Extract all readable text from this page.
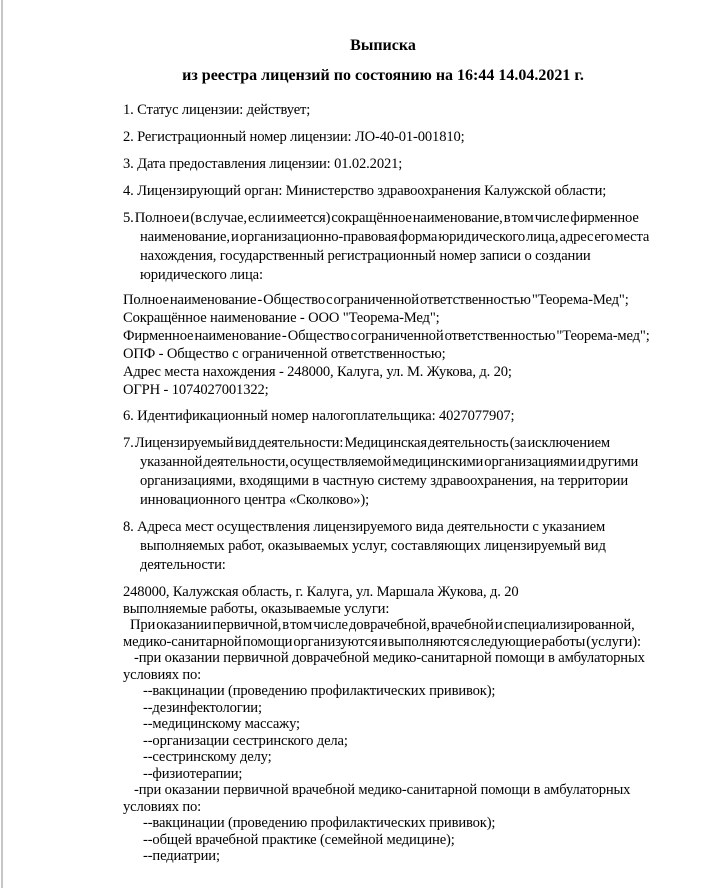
Выписка
из реестра лицензий по состоянию на 16:44 14.04.2021 г.
1. Статус лицензии: действует;
2. Регистрационный номер лицензии: ЛО-40-01-001810;
3. Дата предоставления лицензии: 01.02.2021;
4. Лицензирующий орган: Министерство здравоохранения Калужской области;
5. Полное и (в случае, если имеется) сокращённое наименование, в том числе фирменное
наименование, и организационно-правовая форма юридического лица, адрес его места
нахождения, государственный регистрационный номер записи о создании
юридического лица:
Полное наименование - Общество с ограниченной ответственностью "Теорема-Мед";
Сокращённое наименование - ООО "Теорема-Мед";
Фирменное наименование - Общество с ограниченной ответственностью "Теорема-мед";
ОПФ - Общество с ограниченной ответственностью;
Адрес места нахождения - 248000, Калуга, ул. М. Жукова, д. 20;
ОГРН - 1074027001322;
6. Идентификационный номер налогоплательщика: 4027077907;
7. Лицензируемый вид деятельности: Медицинская деятельность (за исключением
указанной деятельности, осуществляемой медицинскими организациями и другими
организациями, входящими в частную систему здравоохранения, на территории
инновационного центра «Сколково»);
8. Адреса мест осуществления лицензируемого вида деятельности с указанием
выполняемых работ, оказываемых услуг, составляющих лицензируемый вид
деятельности:
248000, Калужская область, г. Калуга, ул. Маршала Жукова, д. 20
выполняемые работы, оказываемые услуги:
При оказании первичной, в том числе доврачебной, врачебной и специализированной,
медико-санитарной помощи организуются и выполняются следующие работы (услуги):
-при оказании первичной доврачебной медико-санитарной помощи в амбулаторных
условиях по:
--вакцинации (проведению профилактических прививок);
--дезинфектологии;
--медицинскому массажу;
--организации сестринского дела;
--сестринскому делу;
--физиотерапии;
-при оказании первичной врачебной медико-санитарной помощи в амбулаторных
условиях по:
--вакцинации (проведению профилактических прививок);
--общей врачебной практике (семейной медицине);
--педиатрии;
